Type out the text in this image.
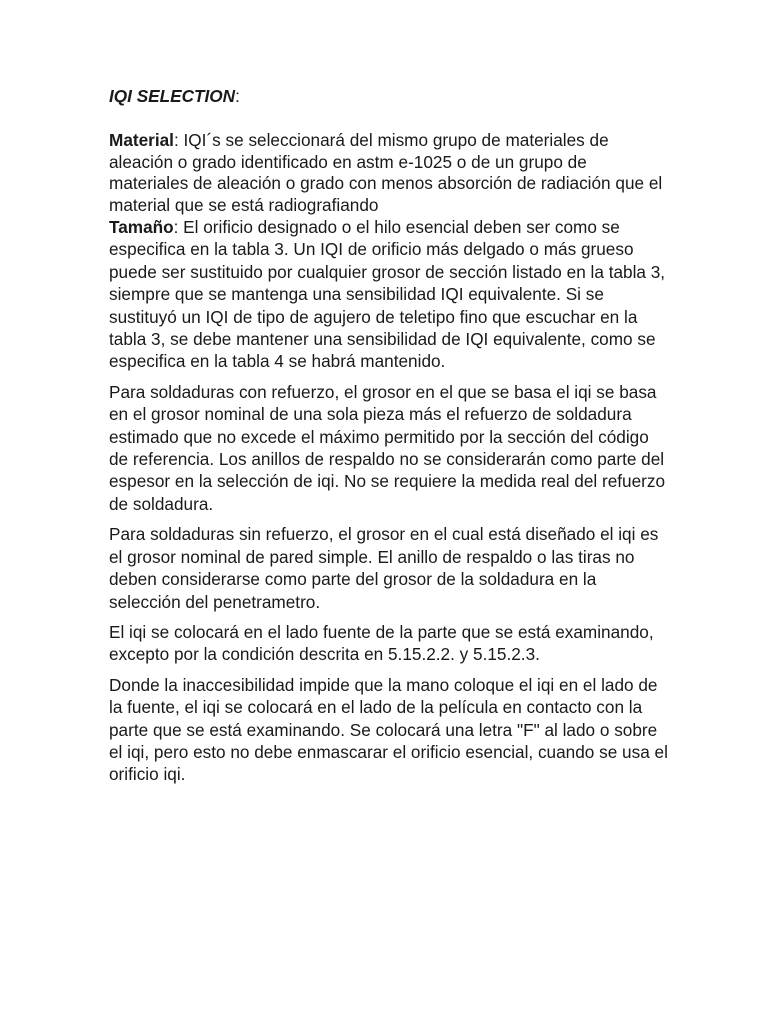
IQI SELECTION:

Material: IQI´s se seleccionará del mismo grupo de materiales de aleación o grado identificado en astm e-1025 o de un grupo de materiales de aleación o grado con menos absorción de radiación que el material que se está radiografiando

Tamaño: El orificio designado o el hilo esencial deben ser como se especifica en la tabla 3. Un IQI de orificio más delgado o más grueso puede ser sustituido por cualquier grosor de sección listado en la tabla 3, siempre que se mantenga una sensibilidad IQI equivalente. Si se sustituyó un IQI de tipo de agujero de teletipo fino que escuchar en la tabla 3, se debe mantener una sensibilidad de IQI equivalente, como se especifica en la tabla 4 se habrá mantenido.

Para soldaduras con refuerzo, el grosor en el que se basa el iqi se basa en el grosor nominal de una sola pieza más el refuerzo de soldadura estimado que no excede el máximo permitido por la sección del código de referencia. Los anillos de respaldo no se considerarán como parte del espesor en la selección de iqi. No se requiere la medida real del refuerzo de soldadura.

Para soldaduras sin refuerzo, el grosor en el cual está diseñado el iqi es el grosor nominal de pared simple. El anillo de respaldo o las tiras no deben considerarse como parte del grosor de la soldadura en la selección del penetrametro.

El iqi se colocará en el lado fuente de la parte que se está examinando, excepto por la condición descrita en 5.15.2.2. y 5.15.2.3.

Donde la inaccesibilidad impide que la mano coloque el iqi en el lado de la fuente, el iqi se colocará en el lado de la película en contacto con la parte que se está examinando. Se colocará una letra "F" al lado o sobre el iqi, pero esto no debe enmascarar el orificio esencial, cuando se usa el orificio iqi.
